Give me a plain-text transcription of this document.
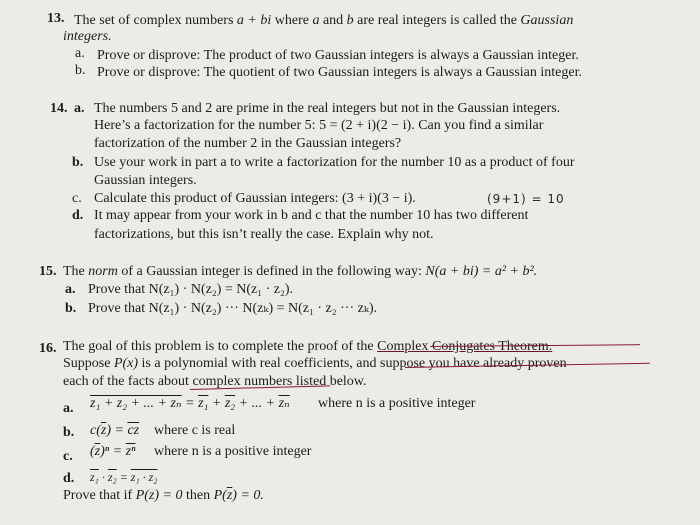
13. The set of complex numbers a + bi where a and b are real integers is called the Gaussian
integers.
a. Prove or disprove: The product of two Gaussian integers is always a Gaussian integer.
b. Prove or disprove: The quotient of two Gaussian integers is always a Gaussian integer.
14. a. The numbers 5 and 2 are prime in the real integers but not in the Gaussian integers.
Here’s a factorization for the number 5: 5 = (2 + i)(2 − i). Can you find a similar
factorization of the number 2 in the Gaussian integers?
b. Use your work in part a to write a factorization for the number 10 as a product of four
Gaussian integers.
c. Calculate this product of Gaussian integers: (3 + i)(3 − i).	(9+1) = 10
d. It may appear from your work in b and c that the number 10 has two different
factorizations, but this isn’t really the case. Explain why not.
15. The norm of a Gaussian integer is defined in the following way: N(a + bi) = a² + b².
a. Prove that N(z₁) · N(z₂) = N(z₁ · z₂).
b. Prove that N(z₁) · N(z₂) ··· N(zₖ) = N(z₁ · z₂ ··· zₖ).
16. The goal of this problem is to complete the proof of the Complex Conjugates Theorem.
Suppose P(x) is a polynomial with real coefficients, and suppose you have already proven
each of the facts about complex numbers listed below.
a. z₁ + z₂ + ... + zₙ = z₁ + z₂ + ... + $\overline{z_n}$ where n is a positive integer
b. $c(\overline{z}) = \overline{cz}$ where c is real
c. $(\overline{z})^n = \overline{z^n}$ where n is a positive integer
d. z₁ · z₂ = z₁ · z₂
Prove that if P(z) = 0 then $P(\overline{z}) = 0$.
